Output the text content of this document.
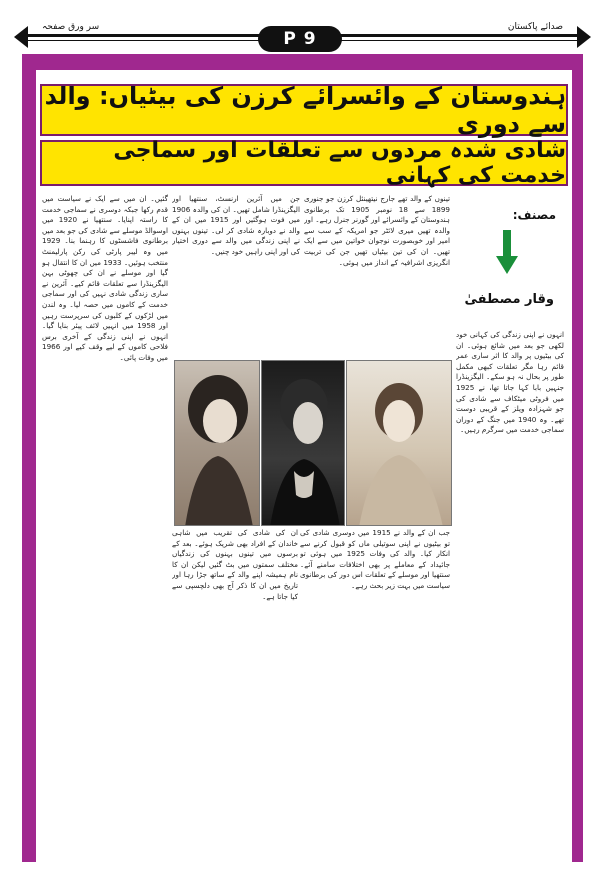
سر ورق صفحہ	صدائے پاکستان
P 9
ہندوستان کے وائسرائے کرزن کی بیٹیاں: والد سے دوری
شادی شدہ مردوں سے تعلقات اور سماجی خدمت کی کہانی
مصنف:
وقار مصطفیٰ

تینوں کے والد تھے جارج نیتھینئل کرزن جو جنوری 1899 سے 18 نومبر 1905 تک برطانوی ہندوستان کے وائسرائے اور گورنر جنرل رہے۔ اور والدہ تھیں میری لائٹر جو امریکہ کے سب سے امیر اور خوبصورت نوجوان خواتین میں سے ایک تھیں۔ ان کی تین بیٹیاں تھیں جن کی تربیت انگریزی اشرافیہ کے انداز میں ہوئی۔

جن میں آئرین ارنسٹ، سنتھیا اور الیگزینڈرا شامل تھیں۔ ان کی والدہ 1906 میں فوت ہوگئیں اور 1915 میں ان کے والد نے دوبارہ شادی کر لی۔ تینوں بہنوں نے اپنی زندگی میں والد سے دوری اختیار کی اور اپنی راہیں خود چنیں۔

گئیں۔ ان میں سے ایک نے سیاست میں قدم رکھا جبکہ دوسری نے سماجی خدمت کا راستہ اپنایا۔ سنتھیا نے 1920 میں اوسوالڈ موسلے سے شادی کی جو بعد میں برطانوی فاشسٹوں کا رہنما بنا۔ 1929 میں وہ لیبر پارٹی کی رکن پارلیمنٹ منتخب ہوئیں۔ 1933 میں ان کا انتقال ہو گیا اور موسلے نے ان کی چھوٹی بہن الیگزینڈرا سے تعلقات قائم کیے۔ آئرین نے ساری زندگی شادی نہیں کی اور سماجی خدمت کے کاموں میں حصہ لیا۔ وہ لندن میں لڑکوں کے کلبوں کی سرپرست رہیں اور 1958 میں انہیں لائف پیئر بنایا گیا۔ انہوں نے اپنی زندگی کے آخری برس فلاحی کاموں کے لیے وقف کیے اور 1966 میں وفات پائی۔

انہوں نے اپنی زندگی کی کہانی خود لکھی جو بعد میں شائع ہوئی۔ ان کی بیٹیوں پر والد کا اثر ساری عمر قائم رہا مگر تعلقات کبھی مکمل طور پر بحال نہ ہو سکے۔ الیگزینڈرا جنہیں بابا کہا جاتا تھا، نے 1925 میں فروٹی میٹکاف سے شادی کی جو شہزادہ ویلز کے قریبی دوست تھے۔ وہ 1940 میں جنگ کے دوران سماجی خدمت میں سرگرم رہیں۔

جب ان کے والد نے 1915 میں دوسری شادی کی تو بیٹیوں نے اپنی سوتیلی ماں کو قبول کرنے سے انکار کیا۔ والد کی وفات 1925 میں ہوئی تو جائیداد کے معاملے پر بھی اختلافات سامنے آئے۔ سنتھیا اور موسلے کے تعلقات اس دور کی برطانوی سیاست میں بہت زیر بحث رہے۔

ان کی شادی کی تقریب میں شاہی خاندان کے افراد بھی شریک ہوئے۔ بعد کے برسوں میں تینوں بہنوں کی زندگیاں مختلف سمتوں میں بٹ گئیں لیکن ان کا نام ہمیشہ اپنے والد کے ساتھ جڑا رہا اور تاریخ میں ان کا ذکر آج بھی دلچسپی سے کیا جاتا ہے۔
